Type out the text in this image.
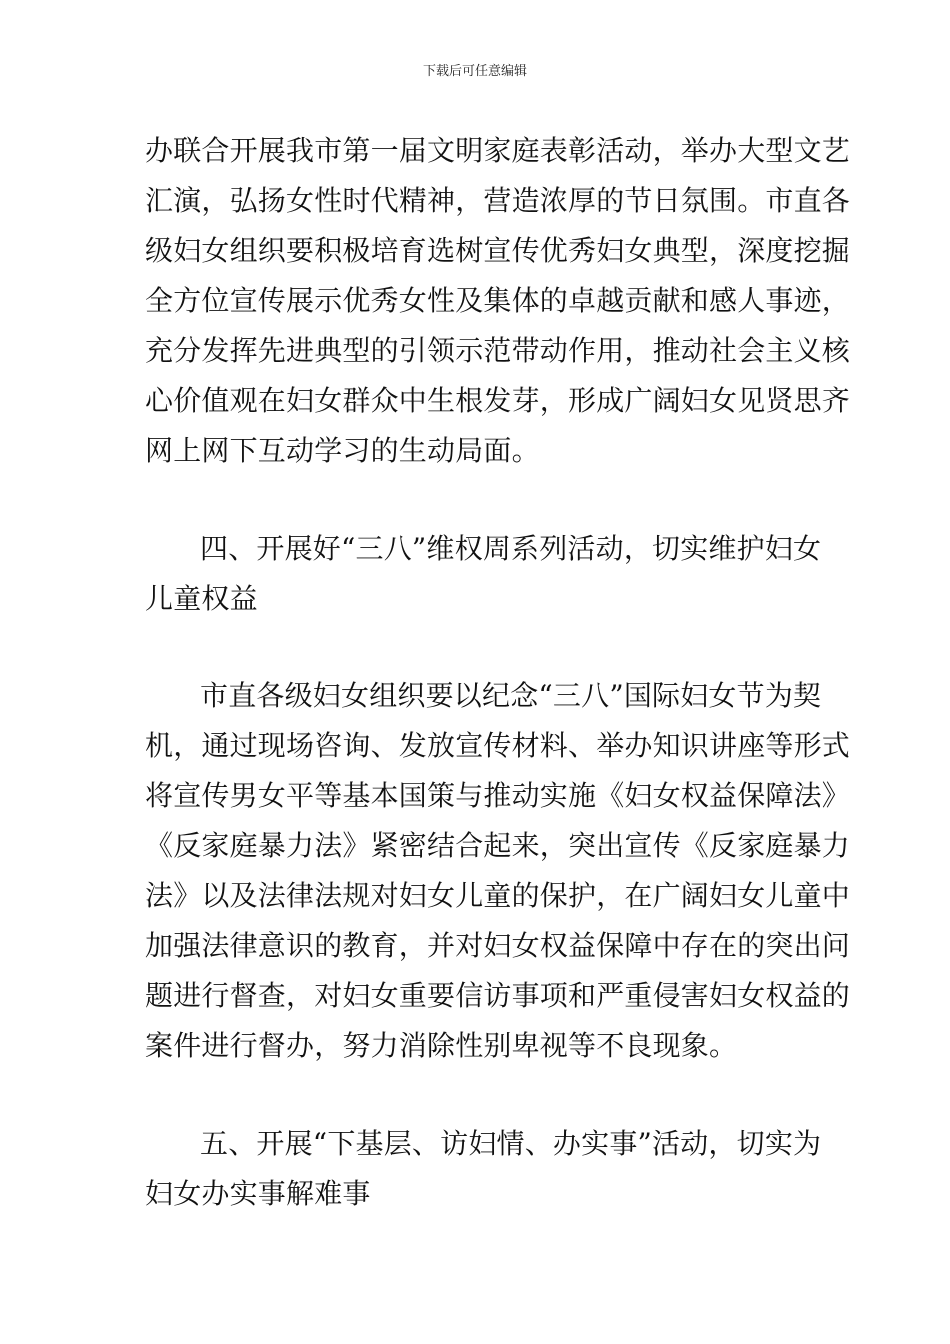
下载后可任意编辑
办联合开展我市第一届文明家庭表彰活动，举办大型文艺
汇演，弘扬女性时代精神，营造浓厚的节日氛围。市直各
级妇女组织要积极培育选树宣传优秀妇女典型，深度挖掘
全方位宣传展示优秀女性及集体的卓越贡献和感人事迹，
充分发挥先进典型的引领示范带动作用，推动社会主义核
心价值观在妇女群众中生根发芽，形成广阔妇女见贤思齐
网上网下互动学习的生动局面。
四、开展好“三八”维权周系列活动，切实维护妇女
儿童权益
市直各级妇女组织要以纪念“三八”国际妇女节为契
机，通过现场咨询、发放宣传材料、举办知识讲座等形式
将宣传男女平等基本国策与推动实施《妇女权益保障法》
《反家庭暴力法》紧密结合起来，突出宣传《反家庭暴力
法》以及法律法规对妇女儿童的保护，在广阔妇女儿童中
加强法律意识的教育，并对妇女权益保障中存在的突出问
题进行督查，对妇女重要信访事项和严重侵害妇女权益的
案件进行督办，努力消除性别卑视等不良现象。
五、开展“下基层、访妇情、办实事”活动，切实为
妇女办实事解难事
